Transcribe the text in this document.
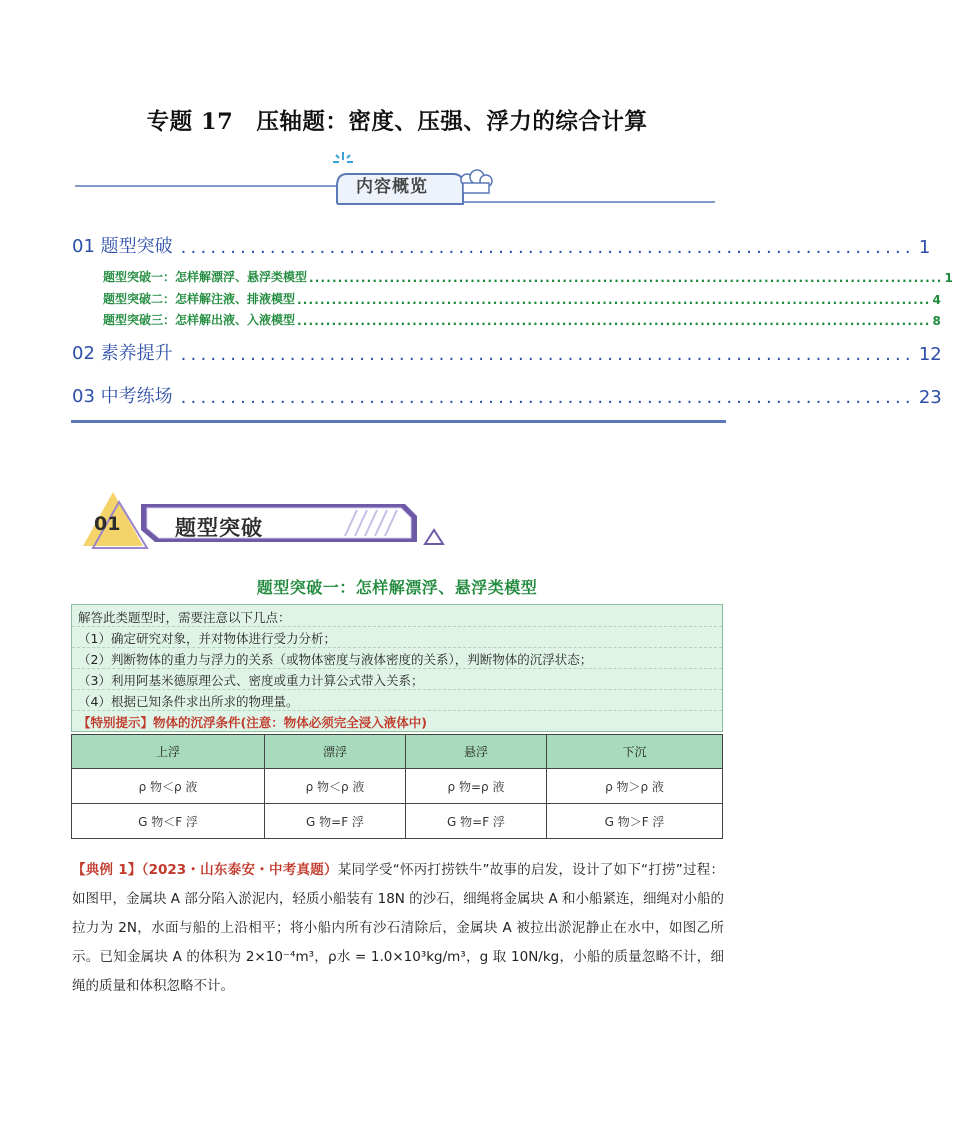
专题 17　压轴题：密度、压强、浮力的综合计算
内容概览
01 题型突破 .......................................................................... 1
题型突破一：怎样解漂浮、悬浮类模型 .............................................................................................................. 1
题型突破二：怎样解注液、排液模型 .............................................................................................................. 4
题型突破三：怎样解出液、入液模型 .............................................................................................................. 8
02 素养提升 .......................................................................... 12
03 中考练场 .......................................................................... 23
01	题型突破
题型突破一：怎样解漂浮、悬浮类模型
解答此类题型时，需要注意以下几点：
（1）确定研究对象，并对物体进行受力分析；
（2）判断物体的重力与浮力的关系（或物体密度与液体密度的关系），判断物体的沉浮状态；
（3）利用阿基米德原理公式、密度或重力计算公式带入关系；
（4）根据已知条件求出所求的物理量。
【特别提示】物体的沉浮条件(注意：物体必须完全浸入液体中)
上浮	漂浮	悬浮	下沉
ρ 物＜ρ 液	ρ 物＜ρ 液	ρ 物=ρ 液	ρ 物＞ρ 液
G 物＜F 浮	G 物=F 浮	G 物=F 浮	G 物＞F 浮
【典例 1】（2023・山东泰安・中考真题）某同学受“怀丙打捞铁牛”故事的启发，设计了如下“打捞”过程：如图甲，金属块 A 部分陷入淤泥内，轻质小船装有 18N 的沙石，细绳将金属块 A 和小船紧连，细绳对小船的拉力为 2N，水面与船的上沿相平；将小船内所有沙石清除后，金属块 A 被拉出淤泥静止在水中，如图乙所示。已知金属块 A 的体积为 2×10⁻⁴m³，ρ水 = 1.0×10³kg/m³，g 取 10N/kg，小船的质量忽略不计，细绳的质量和体积忽略不计。
